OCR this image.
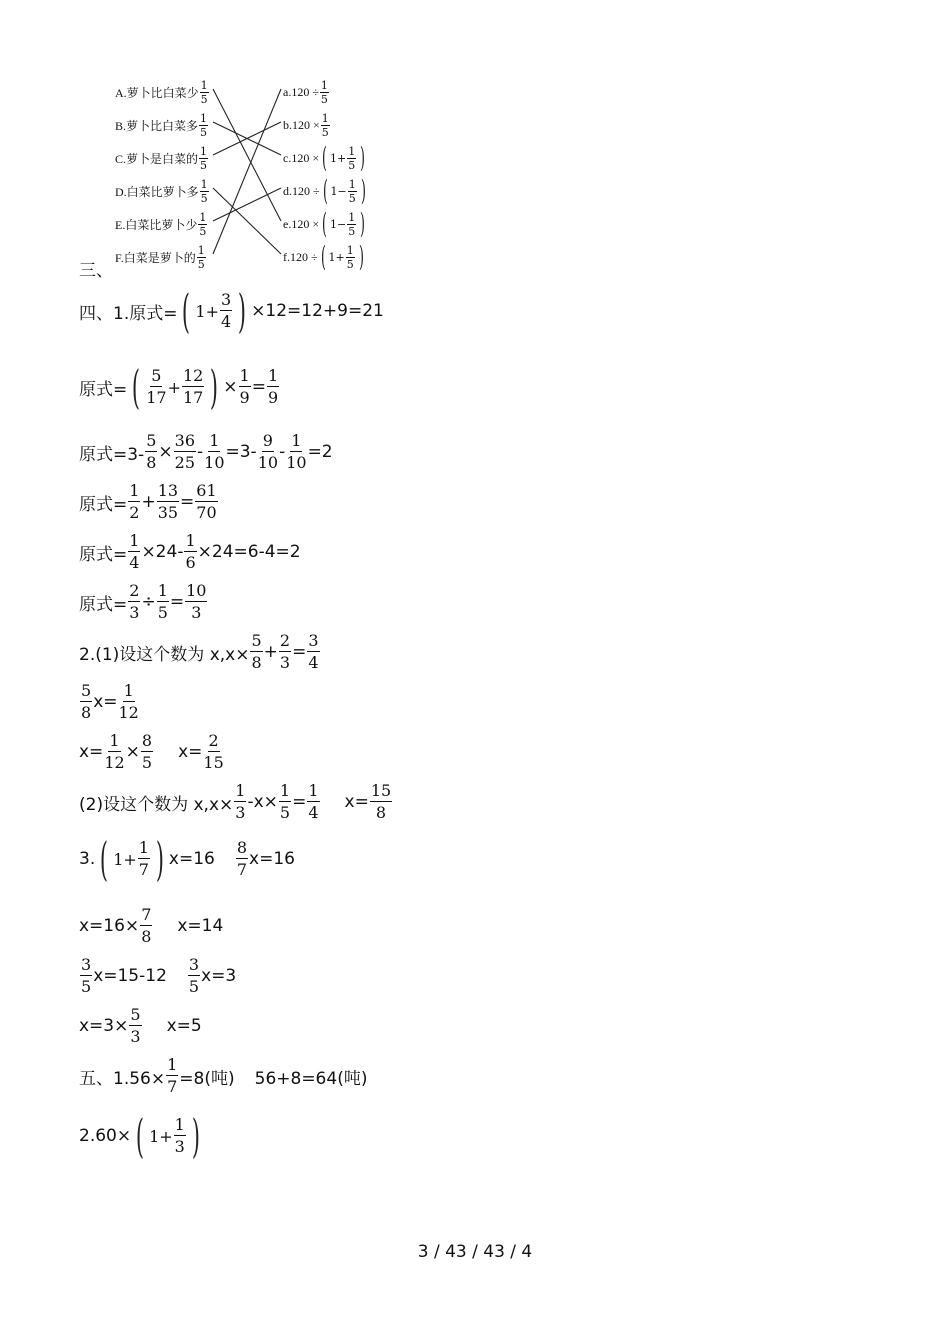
三、
A.萝卜比白菜少 $\frac{1}{5}$
B.萝卜比白菜多 $\frac{1}{5}$
C.萝卜是白菜的 $\frac{1}{5}$
D.白菜比萝卜多 $\frac{1}{5}$
E.白菜比萝卜少 $\frac{1}{5}$
F.白菜是萝卜的 $\frac{1}{5}$
$a.120 \div \frac{1}{5}$
$b.120 \times \frac{1}{5}$
c.120 × ( $1+ \frac{1}{5}$ )
d.120 ÷ ( $1- \frac{1}{5}$ )
e.120 × ( $1- \frac{1}{5}$ )
f.120 ÷ ( $1+ \frac{1}{5}$ )
四、1.原式= ( $1+ \frac{3}{4}$ ) ×12=12+9=21
原式= ( $\frac{5}{17} + \frac{12}{17}$ ) × $\frac{1}{9} = \frac{1}{9}$
原式$=3- \frac{5}{8} \times \frac{36}{25} - \frac{1}{10} =3- \frac{9}{10} - \frac{1}{10} =2$
原式= $\frac{1}{2} + \frac{13}{35} = \frac{61}{70}$
原式= $\frac{1}{4} \times 24- \frac{1}{6} \times 24=6-4=2$
原式= $\frac{2}{3} \div \frac{1}{5} = \frac{10}{3}$
2.(1)设这个数为 $x,x\times \frac{5}{8} + \frac{2}{3} = \frac{3}{4}$
$\frac{5}{8} x= \frac{1}{12}$
$x= \frac{1}{12} \times \frac{8}{5} x= \frac{2}{15}$
(2)设这个数为 $x,x\times \frac{1}{3} -x\times \frac{1}{5} = \frac{1}{4} x= \frac{15}{8}$
3. ( $1+ \frac{1}{7}$ ) $x=16 \frac{8}{7} x=16$
$x=16\times \frac{7}{8} x=14$
$\frac{3}{5} x=15-12 \frac{3}{5} x=3$
$x=3\times \frac{5}{3} x=5$
五、$1.56\times \frac{1}{7} =8$(吨) 56+8=64(吨)
2.60× ( $1+ \frac{1}{3}$ )
3 / 43 / 43 / 4
